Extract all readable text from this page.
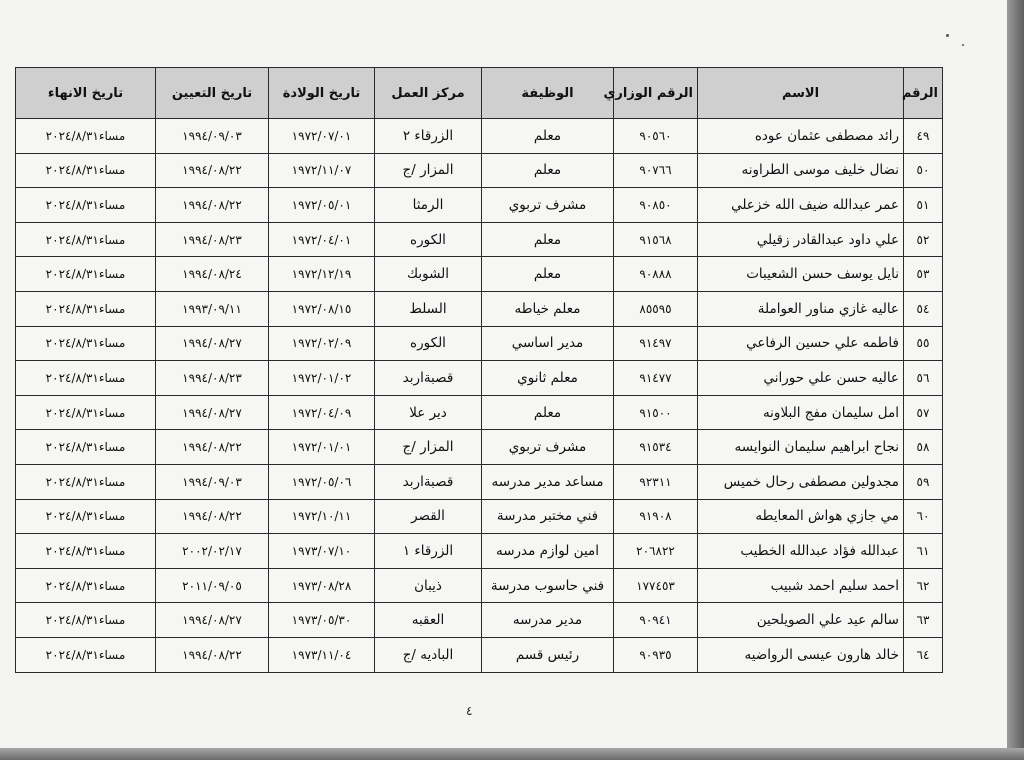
الرقم	الاسم	الرقم الوزاري	الوظيفة	مركز العمل	تاريخ الولادة	تاريخ التعيين	تاريخ الانهاء
٤٩	رائد مصطفى عثمان عوده	٩٠٥٦٠	معلم	الزرقاء ٢	١٩٧٢/٠٧/٠١	١٩٩٤/٠٩/٠٣	مساء٢٠٢٤/٨/٣١
٥٠	نضال خليف موسى الطراونه	٩٠٧٦٦	معلم	المزار /ج	١٩٧٢/١١/٠٧	١٩٩٤/٠٨/٢٢	مساء٢٠٢٤/٨/٣١
٥١	عمر عبدالله ضيف الله خزعلي	٩٠٨٥٠	مشرف تربوي	الرمثا	١٩٧٢/٠٥/٠١	١٩٩٤/٠٨/٢٢	مساء٢٠٢٤/٨/٣١
٥٢	علي داود عبدالقادر زقيلي	٩١٥٦٨	معلم	الكوره	١٩٧٢/٠٤/٠١	١٩٩٤/٠٨/٢٣	مساء٢٠٢٤/٨/٣١
٥٣	نايل يوسف حسن الشعيبات	٩٠٨٨٨	معلم	الشوبك	١٩٧٢/١٢/١٩	١٩٩٤/٠٨/٢٤	مساء٢٠٢٤/٨/٣١
٥٤	عاليه غازي مناور العواملة	٨٥٥٩٥	معلم خياطه	السلط	١٩٧٢/٠٨/١٥	١٩٩٣/٠٩/١١	مساء٢٠٢٤/٨/٣١
٥٥	فاطمه علي حسين الرفاعي	٩١٤٩٧	مدير اساسي	الكوره	١٩٧٢/٠٢/٠٩	١٩٩٤/٠٨/٢٧	مساء٢٠٢٤/٨/٣١
٥٦	عاليه حسن علي حوراني	٩١٤٧٧	معلم ثانوي	قصبةاربد	١٩٧٢/٠١/٠٢	١٩٩٤/٠٨/٢٣	مساء٢٠٢٤/٨/٣١
٥٧	امل سليمان مفج البلاونه	٩١٥٠٠	معلم	دير علا	١٩٧٢/٠٤/٠٩	١٩٩٤/٠٨/٢٧	مساء٢٠٢٤/٨/٣١
٥٨	نجاح ابراهيم سليمان النوايسه	٩١٥٣٤	مشرف تربوي	المزار /ج	١٩٧٢/٠١/٠١	١٩٩٤/٠٨/٢٢	مساء٢٠٢٤/٨/٣١
٥٩	مجدولين مصطفى رحال خميس	٩٢٣١١	مساعد مدير مدرسه	قصبةاربد	١٩٧٢/٠٥/٠٦	١٩٩٤/٠٩/٠٣	مساء٢٠٢٤/٨/٣١
٦٠	مي جازي هواش المعايطه	٩١٩٠٨	فني مختبر مدرسة	القصر	١٩٧٢/١٠/١١	١٩٩٤/٠٨/٢٢	مساء٢٠٢٤/٨/٣١
٦١	عبدالله فؤاد عبدالله الخطيب	٢٠٦٨٢٢	امين لوازم مدرسه	الزرقاء ١	١٩٧٣/٠٧/١٠	٢٠٠٢/٠٢/١٧	مساء٢٠٢٤/٨/٣١
٦٢	احمد سليم احمد شبيب	١٧٧٤٥٣	فني حاسوب مدرسة	ذيبان	١٩٧٣/٠٨/٢٨	٢٠١١/٠٩/٠٥	مساء٢٠٢٤/٨/٣١
٦٣	سالم عيد علي الصويلحين	٩٠٩٤١	مدير مدرسه	العقبه	١٩٧٣/٠٥/٣٠	١٩٩٤/٠٨/٢٧	مساء٢٠٢٤/٨/٣١
٦٤	خالد هارون عيسى الرواضيه	٩٠٩٣٥	رئيس قسم	الباديه /ج	١٩٧٣/١١/٠٤	١٩٩٤/٠٨/٢٢	مساء٢٠٢٤/٨/٣١
٤
